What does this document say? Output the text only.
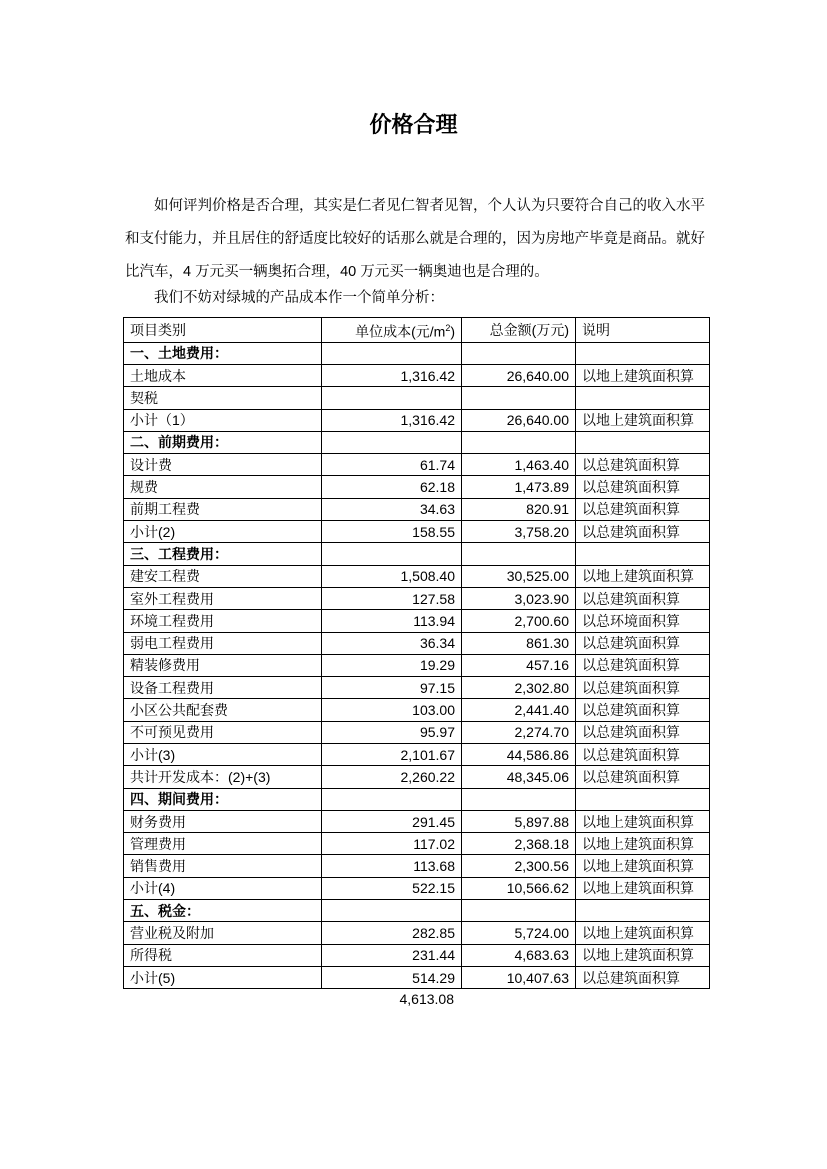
价格合理
如何评判价格是否合理，其实是仁者见仁智者见智，个人认为只要符合自己的收入水平和支付能力，并且居住的舒适度比较好的话那么就是合理的，因为房地产毕竟是商品。就好比汽车，4 万元买一辆奥拓合理，40 万元买一辆奥迪也是合理的。
我们不妨对绿城的产品成本作一个简单分析：
项目类别	单位成本(元$/m^2$)	总金额(万元)	说明
一、土地费用：			
土地成本	1,316.42	26,640.00	以地上建筑面积算
契税			
小计（1）	1,316.42	26,640.00	以地上建筑面积算
二、前期费用：			
设计费	61.74	1,463.40	以总建筑面积算
规费	62.18	1,473.89	以总建筑面积算
前期工程费	34.63	820.91	以总建筑面积算
小计(2)	158.55	3,758.20	以总建筑面积算
三、工程费用：			
建安工程费	1,508.40	30,525.00	以地上建筑面积算
室外工程费用	127.58	3,023.90	以总建筑面积算
环境工程费用	113.94	2,700.60	以总环境面积算
弱电工程费用	36.34	861.30	以总建筑面积算
精装修费用	19.29	457.16	以总建筑面积算
设备工程费用	97.15	2,302.80	以总建筑面积算
小区公共配套费	103.00	2,441.40	以总建筑面积算
不可预见费用	95.97	2,274.70	以总建筑面积算
小计(3)	2,101.67	44,586.86	以总建筑面积算
共计开发成本：(2)+(3)	2,260.22	48,345.06	以总建筑面积算
四、期间费用：			
财务费用	291.45	5,897.88	以地上建筑面积算
管理费用	117.02	2,368.18	以地上建筑面积算
销售费用	113.68	2,300.56	以地上建筑面积算
小计(4)	522.15	10,566.62	以地上建筑面积算
五、税金：			
营业税及附加	282.85	5,724.00	以地上建筑面积算
所得税	231.44	4,683.63	以地上建筑面积算
小计(5)	514.29	10,407.63	以总建筑面积算
4,613.08
